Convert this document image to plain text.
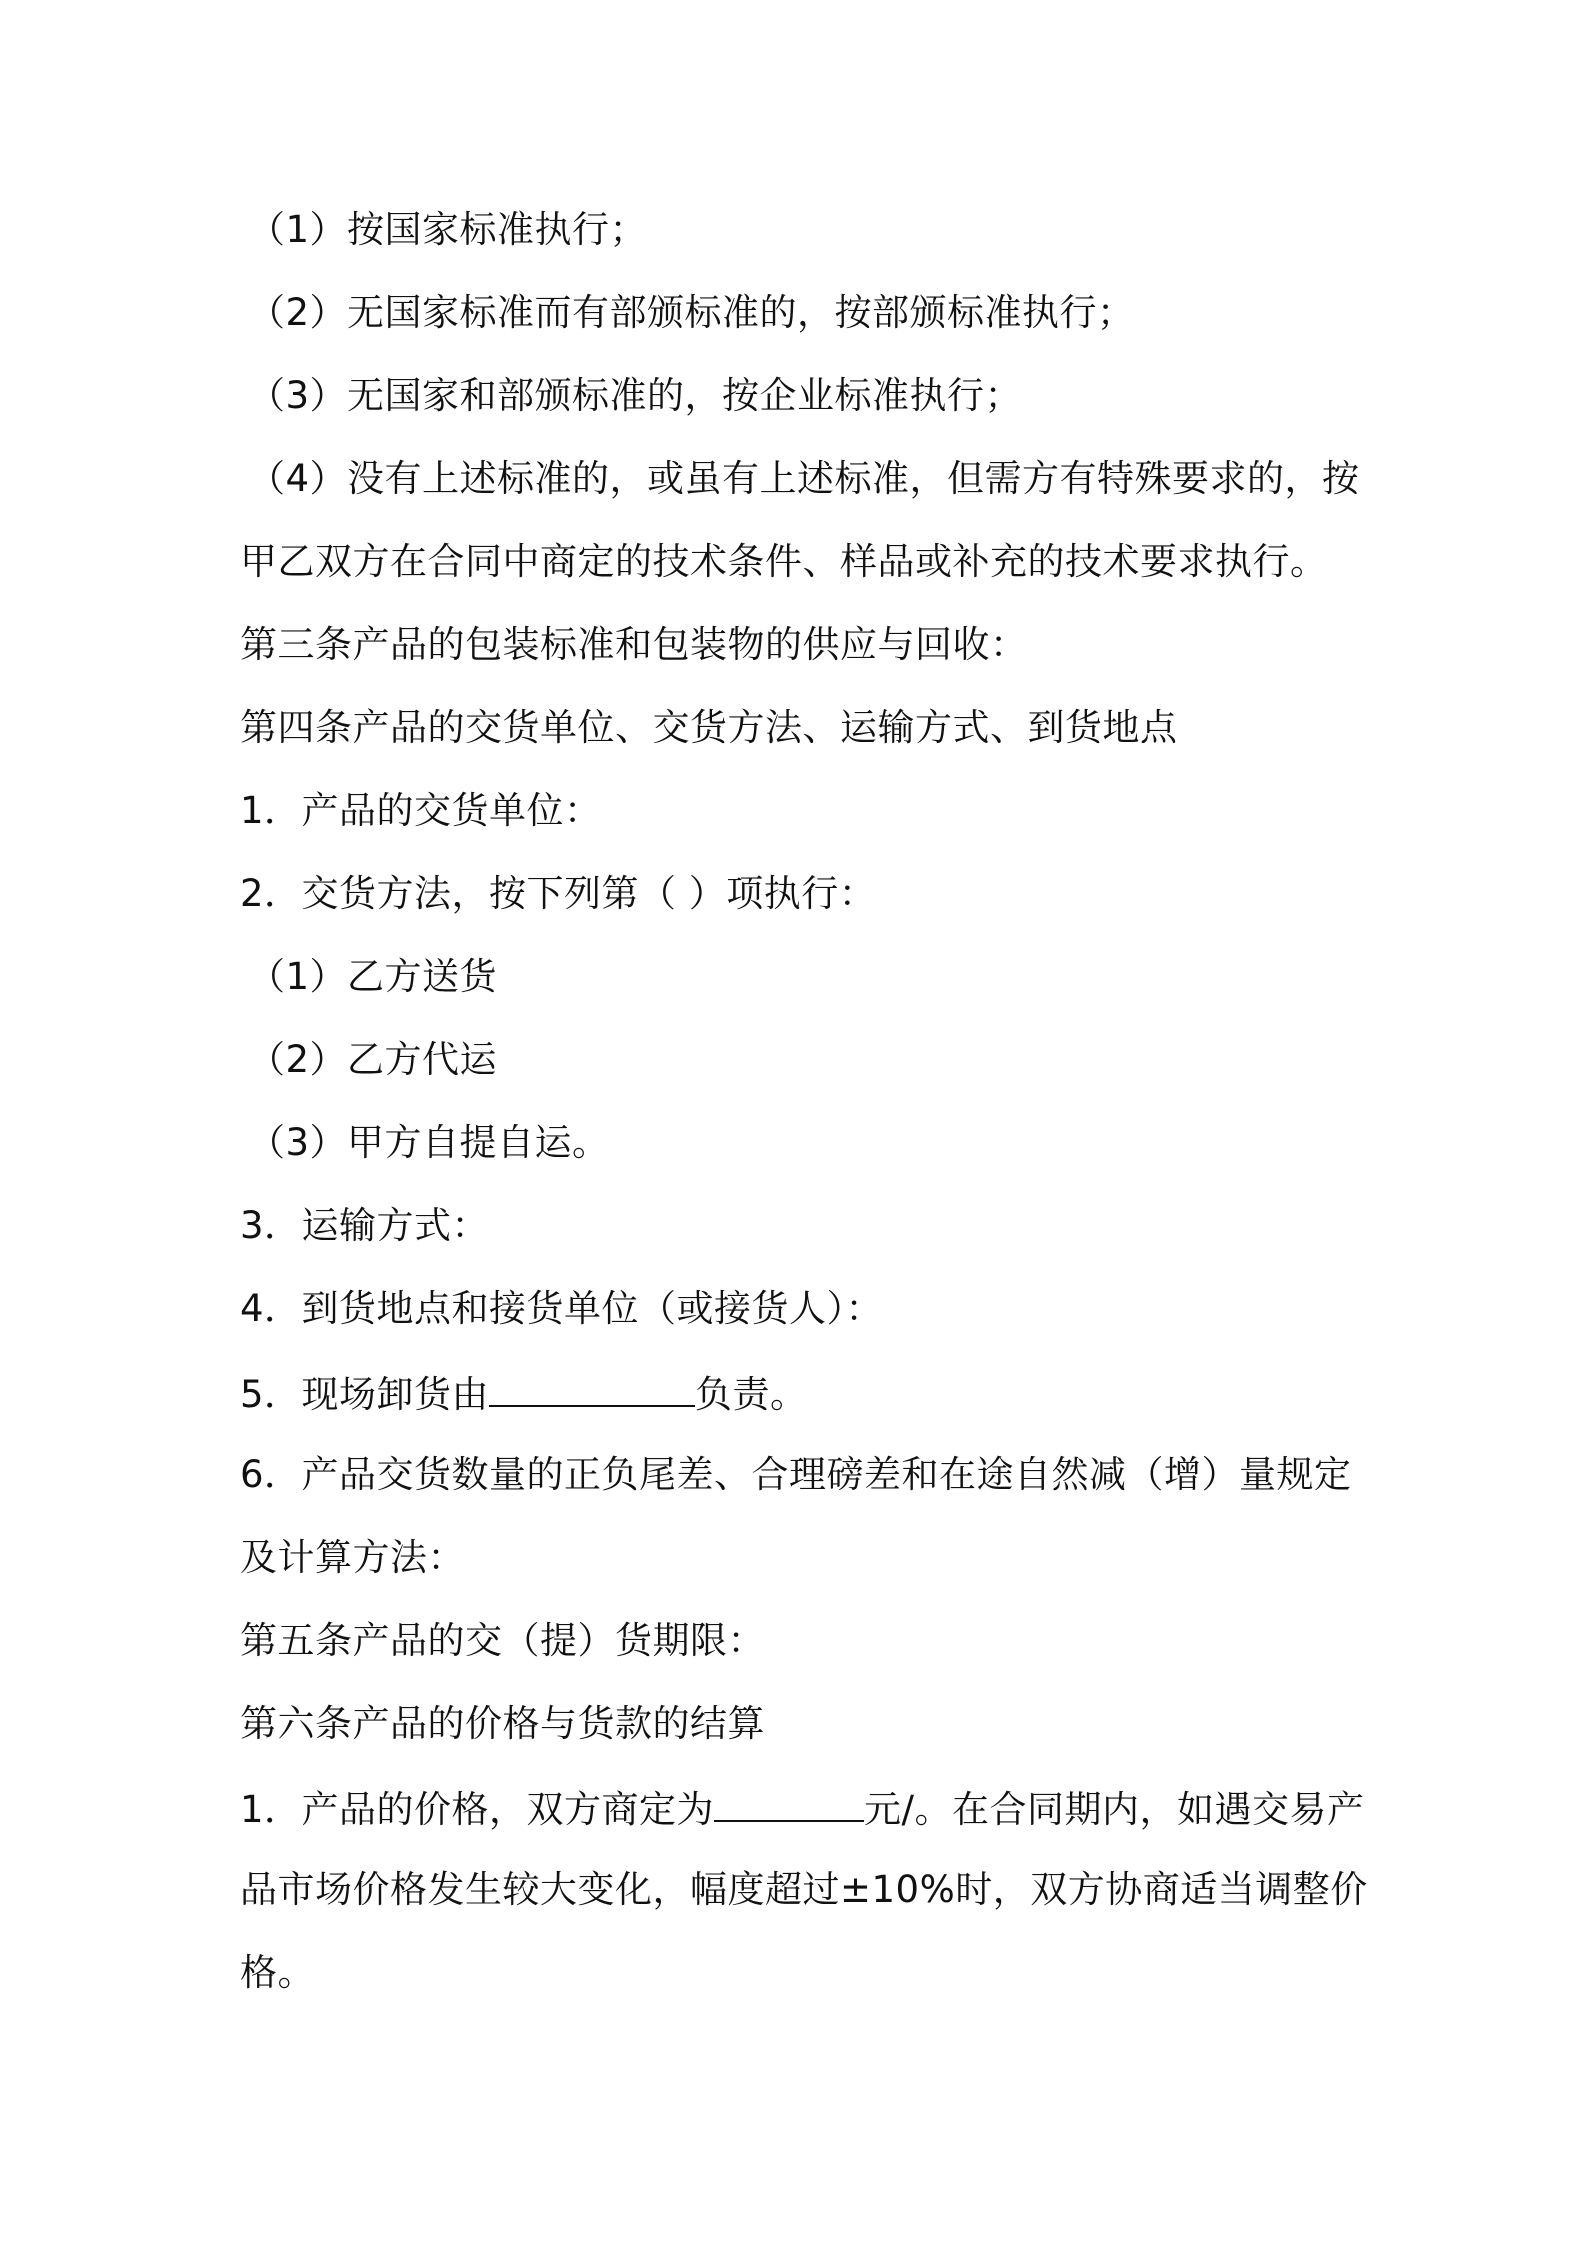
（1）按国家标准执行；
（2）无国家标准而有部颁标准的，按部颁标准执行；
（3）无国家和部颁标准的，按企业标准执行；
（4）没有上述标准的，或虽有上述标准，但需方有特殊要求的，按
甲乙双方在合同中商定的技术条件、样品或补充的技术要求执行。
第三条产品的包装标准和包装物的供应与回收：
第四条产品的交货单位、交货方法、运输方式、到货地点
1．产品的交货单位：
2．交货方法，按下列第（ ）项执行：
（1）乙方送货
（2）乙方代运
（3）甲方自提自运。
3．运输方式：
4．到货地点和接货单位（或接货人）：
5．现场卸货由	负责。
6．产品交货数量的正负尾差、合理磅差和在途自然减（增）量规定
及计算方法：
第五条产品的交（提）货期限：
第六条产品的价格与货款的结算
1．产品的价格，双方商定为	元/。在合同期内，如遇交易产
品市场价格发生较大变化，幅度超过±10%时，双方协商适当调整价
格。
